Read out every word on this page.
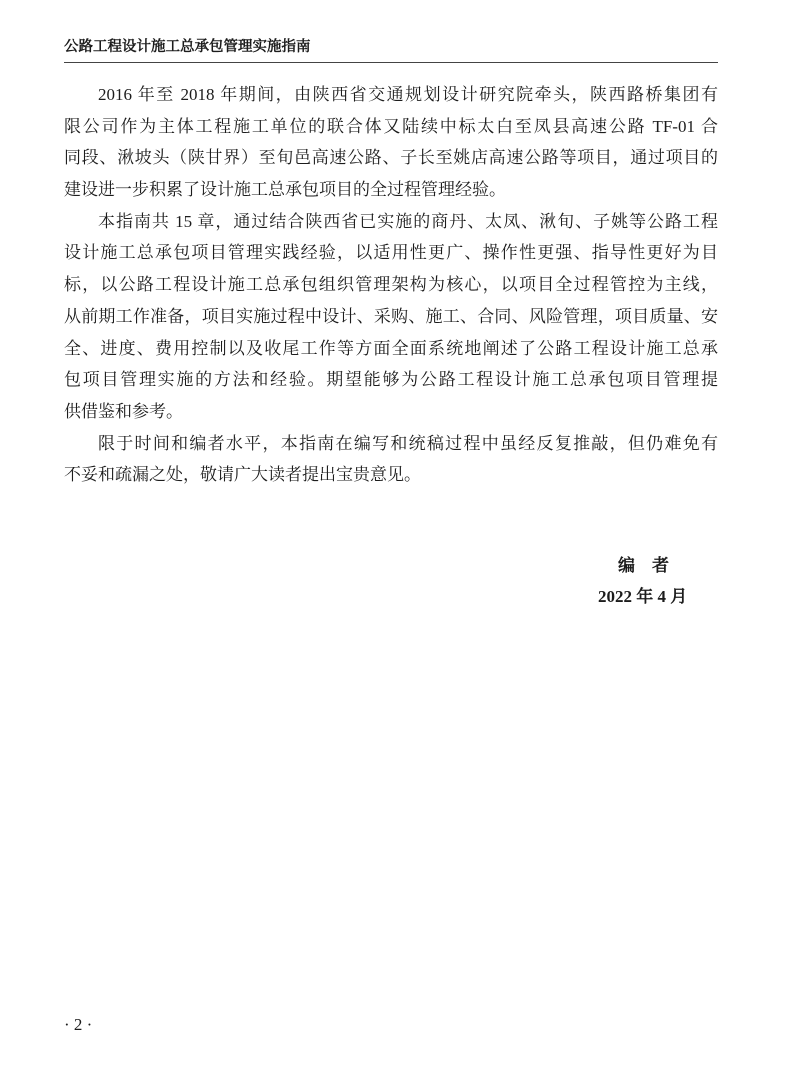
公路工程设计施工总承包管理实施指南
2016 年至 2018 年期间，由陕西省交通规划设计研究院牵头，陕西路桥集团有
限公司作为主体工程施工单位的联合体又陆续中标太白至凤县高速公路 TF-01 合
同段、湫坡头（陕甘界）至旬邑高速公路、子长至姚店高速公路等项目，通过项目的
建设进一步积累了设计施工总承包项目的全过程管理经验。
本指南共 15 章，通过结合陕西省已实施的商丹、太凤、湫旬、子姚等公路工程
设计施工总承包项目管理实践经验，以适用性更广、操作性更强、指导性更好为目
标，以公路工程设计施工总承包组织管理架构为核心，以项目全过程管控为主线，
从前期工作准备，项目实施过程中设计、采购、施工、合同、风险管理，项目质量、安
全、进度、费用控制以及收尾工作等方面全面系统地阐述了公路工程设计施工总承
包项目管理实施的方法和经验。期望能够为公路工程设计施工总承包项目管理提
供借鉴和参考。
限于时间和编者水平，本指南在编写和统稿过程中虽经反复推敲，但仍难免有
不妥和疏漏之处，敬请广大读者提出宝贵意见。
编　者
2022 年 4 月
· 2 ·
